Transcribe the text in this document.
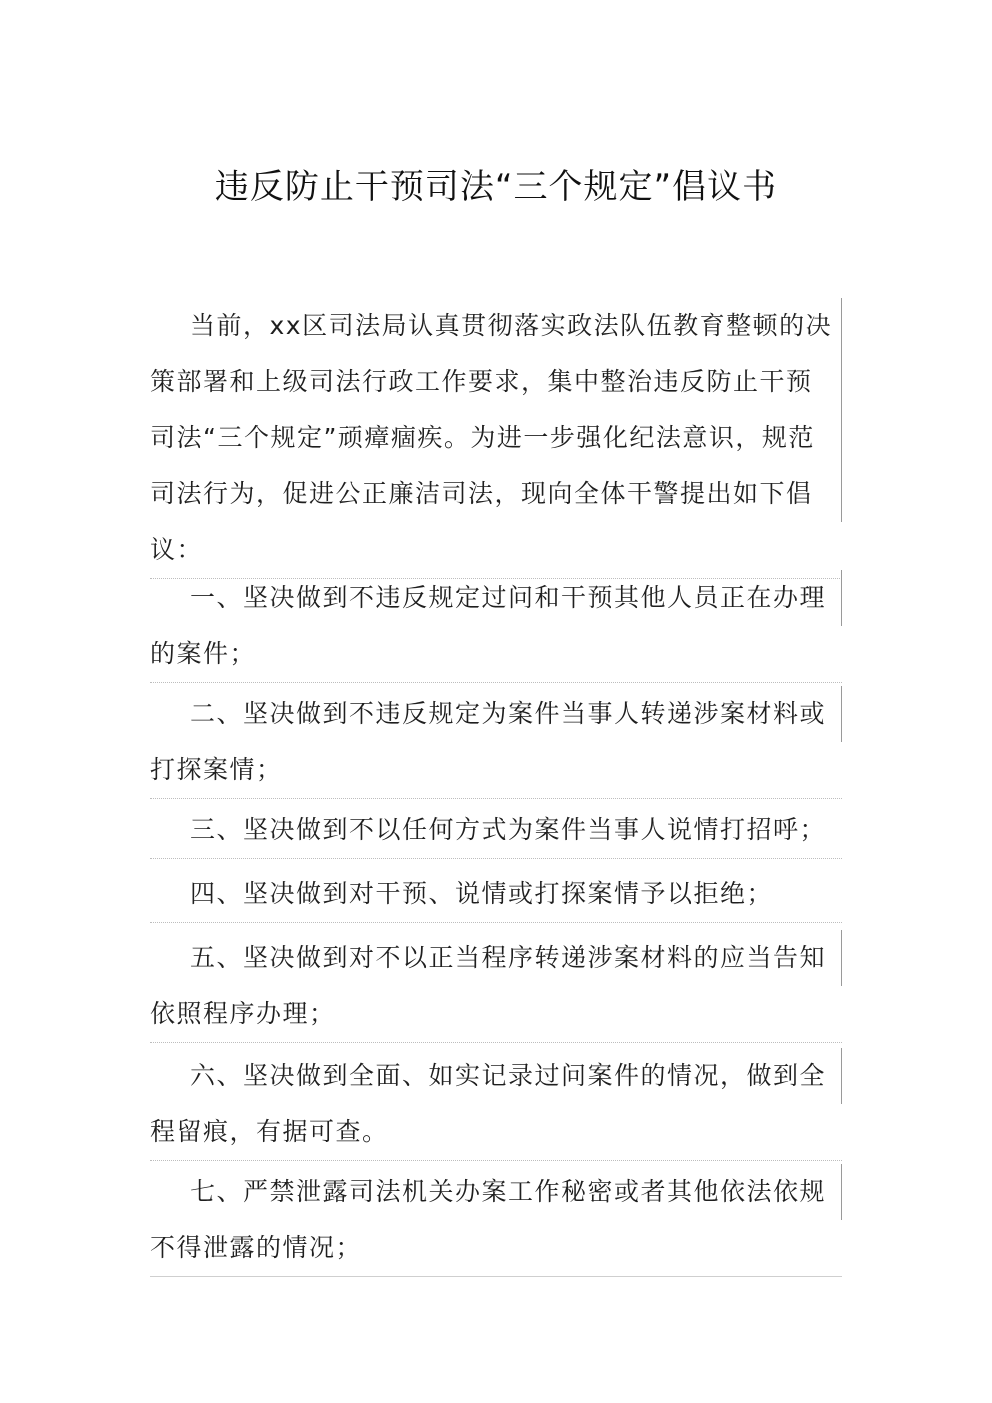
违反防止干预司法“三个规定”倡议书
当前，xx区司法局认真贯彻落实政法队伍教育整顿的决
策部署和上级司法行政工作要求，集中整治违反防止干预
司法“三个规定”顽瘴痼疾。为进一步强化纪法意识，规范
司法行为，促进公正廉洁司法，现向全体干警提出如下倡
议：
一、坚决做到不违反规定过问和干预其他人员正在办理
的案件；
二、坚决做到不违反规定为案件当事人转递涉案材料或
打探案情；
三、坚决做到不以任何方式为案件当事人说情打招呼；
四、坚决做到对干预、说情或打探案情予以拒绝；
五、坚决做到对不以正当程序转递涉案材料的应当告知
依照程序办理；
六、坚决做到全面、如实记录过问案件的情况，做到全
程留痕，有据可查。
七、严禁泄露司法机关办案工作秘密或者其他依法依规
不得泄露的情况；
